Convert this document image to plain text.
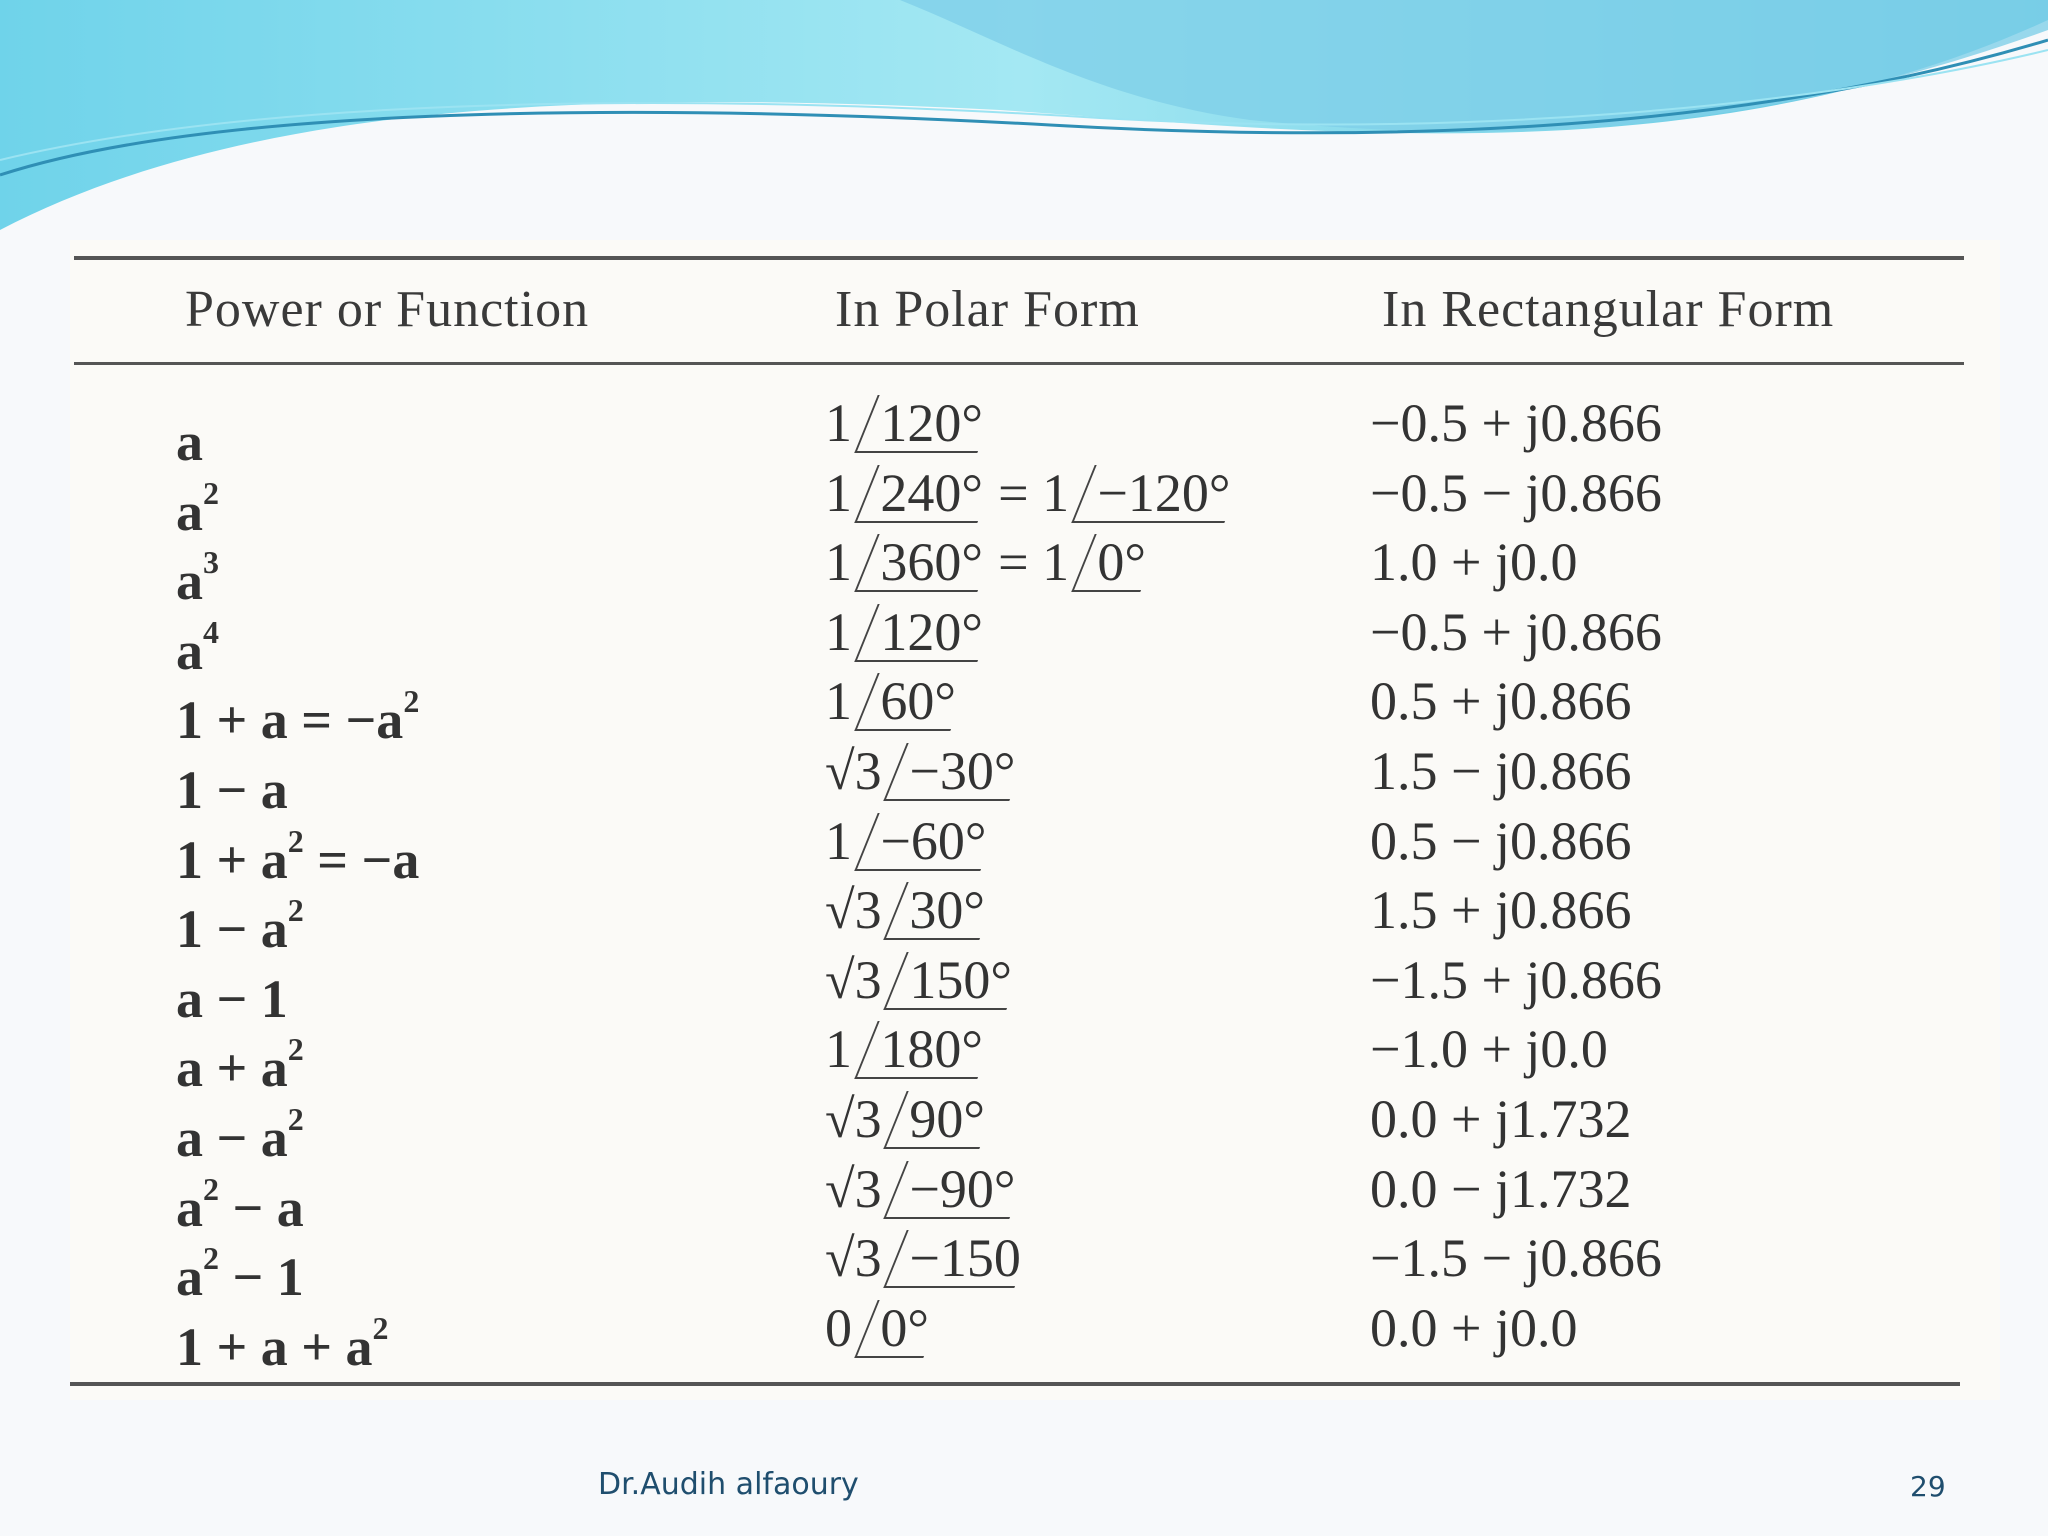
Power or Function	In Polar Form	In Rectangular Form
a	1 120°	−0.5 + j0.866
$a^2$	1 240° = 1 −120°	−0.5 − j0.866
$a^3$	1 360° = 1 0°	1.0 + j0.0
$a^4$	1 120°	−0.5 + j0.866
$1 + a = -a^2$	1 60°	0.5 + j0.866
1 − a	√3 −30°	1.5 − j0.866
$1 + a^2 = -a$	1 −60°	0.5 − j0.866
$1 - a^2$	√3 30°	1.5 + j0.866
a − 1	√3 150°	−1.5 + j0.866
$a + a^2$	1 180°	−1.0 + j0.0
$a - a^2$	√3 90°	0.0 + j1.732
$a^2 - a$	√3 −90°	0.0 − j1.732
$a^2 - 1$	√3 −150	−1.5 − j0.866
$1 + a + a^2$	0 0°	0.0 + j0.0
Dr.Audih alfaoury	29
